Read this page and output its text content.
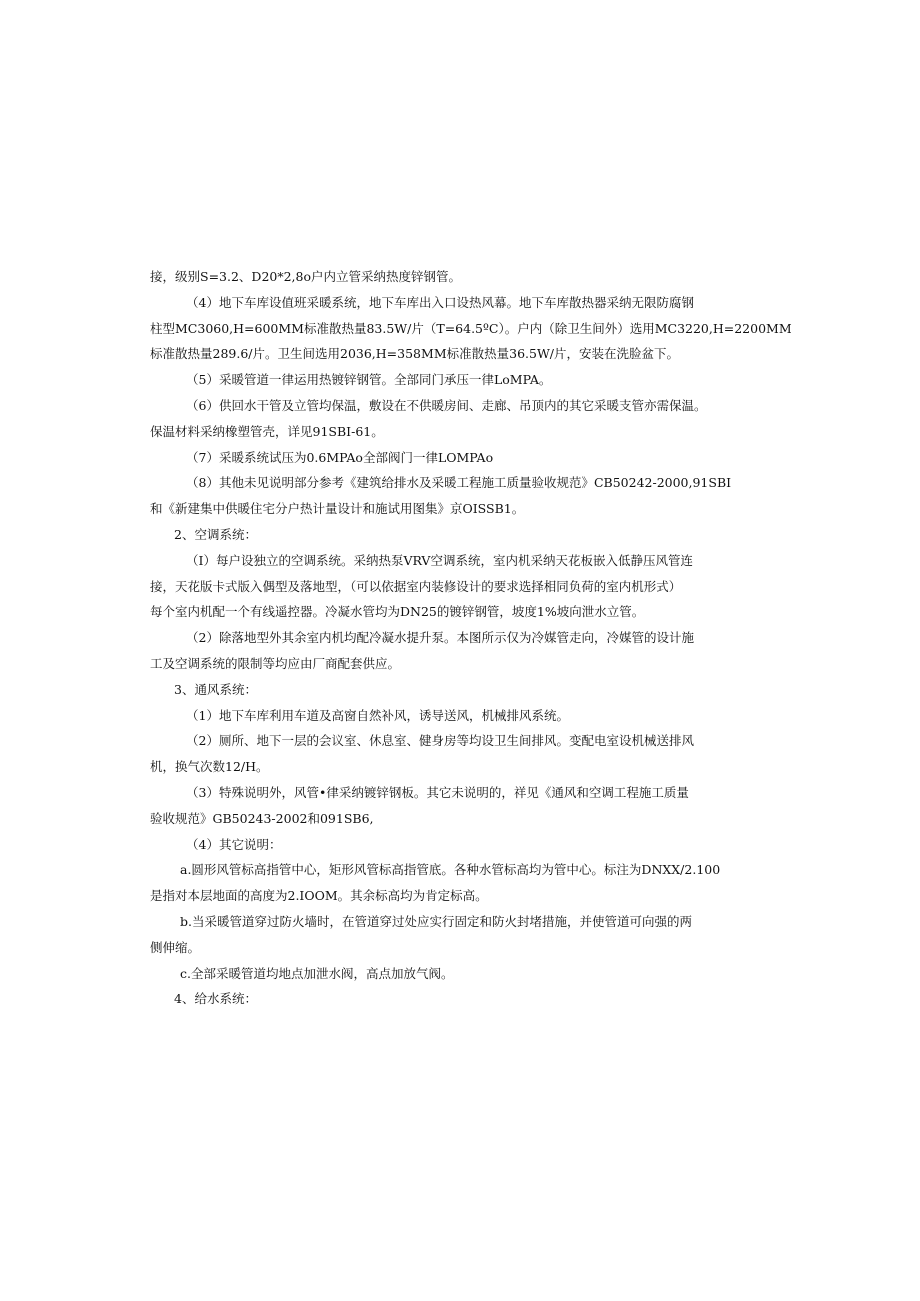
接，级别S=3.2、D20*2,8o户内立管采纳热度锌钢管。
（4）地下车库设值班采暖系统，地下车库出入口设热风幕。地下车库散热器采纳无限防腐钢
柱型MC3060,H=600MM标准散热量83.5W/片（T=64.5ºC）。户内（除卫生间外）选用MC3220,H=2200MM
标准散热量289.6/片。卫生间选用2036,H=358MM标准散热量36.5W/片，安装在洗脸盆下。
（5）采暖管道一律运用热镀锌钢管。全部同门承压一律LoMPA。
（6）供回水干管及立管均保温，敷设在不供暖房间、走廊、吊顶内的其它采暖支管亦需保温。
保温材料采纳橡塑管壳，详见91SBI-61。
（7）采暖系统试压为0.6MPAo全部阀门一律LOMPAo
（8）其他未见说明部分参考《建筑给排水及采暖工程施工质量验收规范》CB50242-2000,91SBI
和《新建集中供暖住宅分户热计量设计和施试用图集》京OISSB1。
2、空调系统：
（I）每户设独立的空调系统。采纳热泵VRV空调系统，室内机采纳天花板嵌入低静压风管连
接，天花版卡式版入偶型及落地型，（可以依据室内装修设计的要求选择相同负荷的室内机形式）
每个室内机配一个有线遥控器。冷凝水管均为DN25的镀锌钢管，坡度1%坡向泄水立管。
（2）除落地型外其余室内机均配冷凝水提升泵。本图所示仅为冷媒管走向，冷媒管的设计施
工及空调系统的限制等均应由厂商配套供应。
3、通风系统：
（1）地下车库利用车道及高窗自然补风，诱导送风，机械排风系统。
（2）厕所、地下一层的会议室、休息室、健身房等均设卫生间排风。变配电室设机械送排风
机，换气次数12/H。
（3）特殊说明外，风管•律采纳镀锌钢板。其它未说明的，祥见《通风和空调工程施工质量
验收规范》GB50243-2002和091SB6,
（4）其它说明：
a.圆形风管标高指管中心，矩形风管标高指管底。各种水管标高均为管中心。标注为DNXX/2.100
是指对本层地面的高度为2.IOOM。其余标高均为肯定标高。
b.当采暖管道穿过防火墙时，在管道穿过处应实行固定和防火封堵措施，并使管道可向强的两
侧伸缩。
c.全部采暖管道均地点加泄水阀，高点加放气阀。
4、给水系统：
